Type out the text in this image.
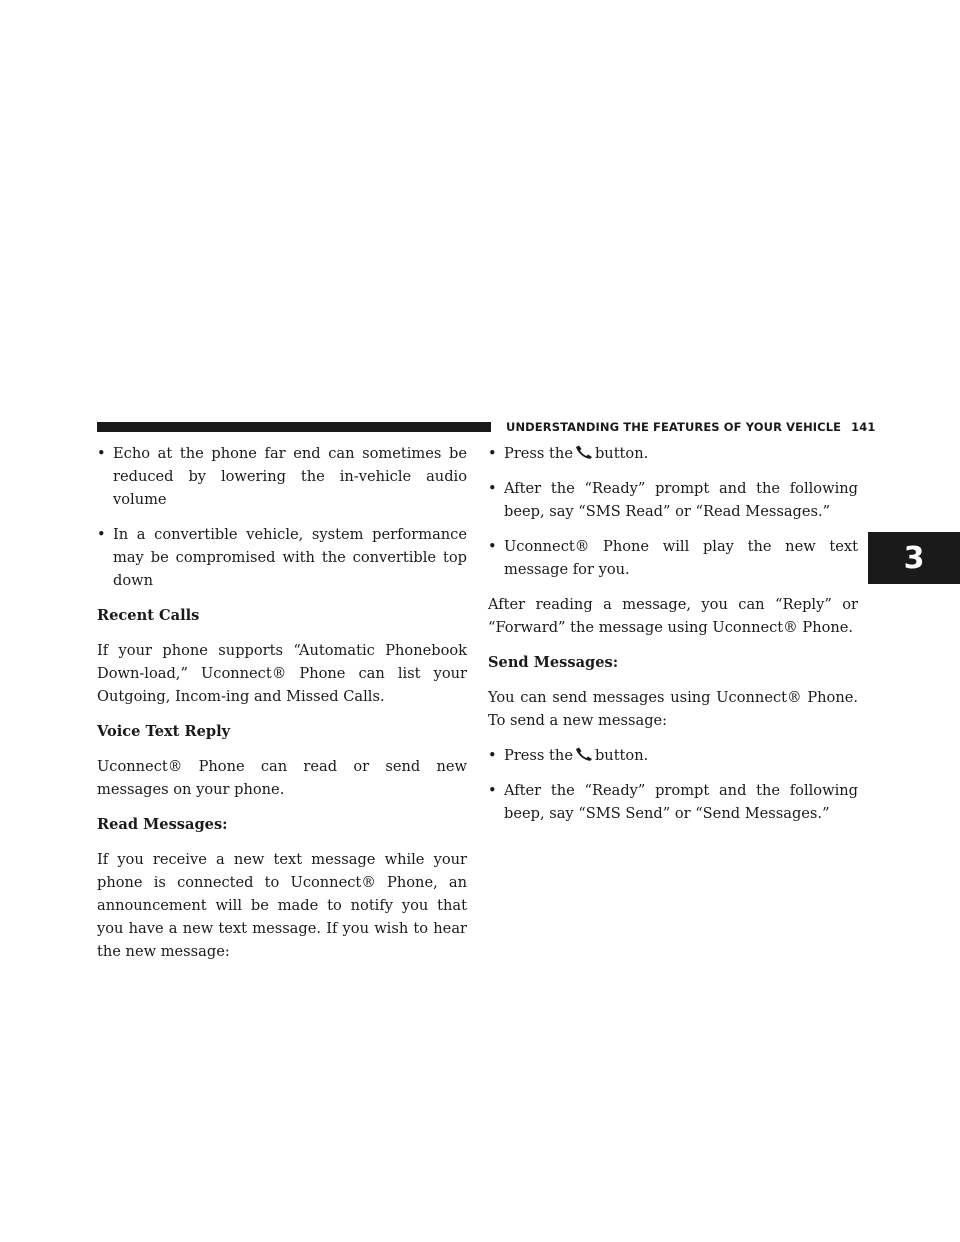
UNDERSTANDING THE FEATURES OF YOUR VEHICLE 141
3
•
Echo at the phone far end can sometimes be reduced by lowering the in-vehicle audio volume
•
In a convertible vehicle, system performance may be compromised with the convertible top down
Recent Calls

If your phone supports “Automatic Phonebook Down-load,” Uconnect® Phone can list your Outgoing, Incom-ing and Missed Calls.

Voice Text Reply

Uconnect® Phone can read or send new messages on your phone.

Read Messages:

If you receive a new text message while your phone is connected to Uconnect® Phone, an announcement will be made to notify you that you have a new text message. If you wish to hear the new message:

•
Press the button.
•
After the “Ready” prompt and the following beep, say “SMS Read” or “Read Messages.”
•
Uconnect® Phone will play the new text message for you.

After reading a message, you can “Reply” or “Forward” the message using Uconnect® Phone.

Send Messages:

You can send messages using Uconnect® Phone. To send a new message:

•
Press the button.
•
After the “Ready” prompt and the following beep, say “SMS Send” or “Send Messages.”
